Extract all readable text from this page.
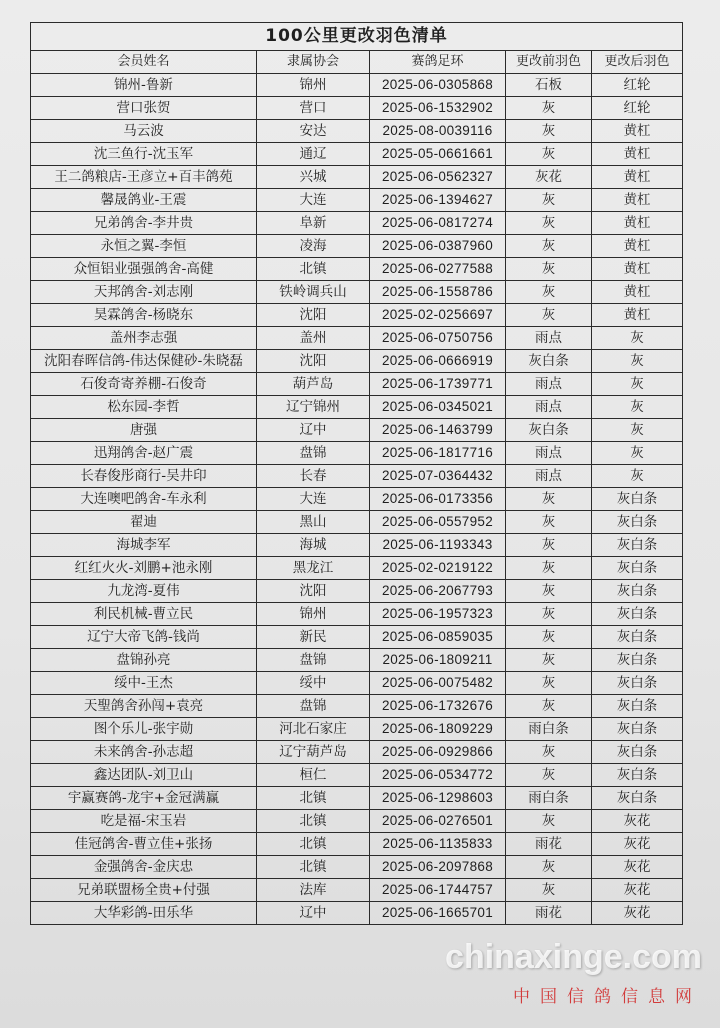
100公里更改羽色清单
会员姓名	隶属协会	赛鸽足环	更改前羽色	更改后羽色
锦州-鲁新	锦州	2025-06-0305868	石板	红轮
营口张贺	营口	2025-06-1532902	灰	红轮
马云波	安达	2025-08-0039116	灰	黄杠
沈三鱼行-沈玉军	通辽	2025-05-0661661	灰	黄杠
王二鸽粮店-王彦立+百丰鸽苑	兴城	2025-06-0562327	灰花	黄杠
馨晟鸽业-王震	大连	2025-06-1394627	灰	黄杠
兄弟鸽舍-李井贵	阜新	2025-06-0817274	灰	黄杠
永恒之翼-李恒	凌海	2025-06-0387960	灰	黄杠
众恒铝业强强鸽舍-高健	北镇	2025-06-0277588	灰	黄杠
天邦鸽舍-刘志刚	铁岭调兵山	2025-06-1558786	灰	黄杠
昊霖鸽舍-杨晓东	沈阳	2025-02-0256697	灰	黄杠
盖州李志强	盖州	2025-06-0750756	雨点	灰
沈阳春晖信鸽-伟达保健砂-朱晓磊	沈阳	2025-06-0666919	灰白条	灰
石俊奇寄养棚-石俊奇	葫芦岛	2025-06-1739771	雨点	灰
松东园-李哲	辽宁锦州	2025-06-0345021	雨点	灰
唐强	辽中	2025-06-1463799	灰白条	灰
迅翔鸽舍-赵广震	盘锦	2025-06-1817716	雨点	灰
长春俊彤商行-吴井印	长春	2025-07-0364432	雨点	灰
大连噢吧鸽舍-车永利	大连	2025-06-0173356	灰	灰白条
翟迪	黑山	2025-06-0557952	灰	灰白条
海城李军	海城	2025-06-1193343	灰	灰白条
红红火火-刘鹏+池永刚	黑龙江	2025-02-0219122	灰	灰白条
九龙湾-夏伟	沈阳	2025-06-2067793	灰	灰白条
利民机械-曹立民	锦州	2025-06-1957323	灰	灰白条
辽宁大帝飞鸽-钱尚	新民	2025-06-0859035	灰	灰白条
盘锦孙亮	盘锦	2025-06-1809211	灰	灰白条
绥中-王杰	绥中	2025-06-0075482	灰	灰白条
天聖鸽舍孙闯+袁亮	盘锦	2025-06-1732676	灰	灰白条
图个乐儿-张宇勋	河北石家庄	2025-06-1809229	雨白条	灰白条
未来鸽舍-孙志超	辽宁葫芦岛	2025-06-0929866	灰	灰白条
鑫达团队-刘卫山	桓仁	2025-06-0534772	灰	灰白条
宇赢赛鸽-龙宇+金冠满赢	北镇	2025-06-1298603	雨白条	灰白条
吃是福-宋玉岩	北镇	2025-06-0276501	灰	灰花
佳冠鸽舍-曹立佳+张扬	北镇	2025-06-1135833	雨花	灰花
金强鸽舍-金庆忠	北镇	2025-06-2097868	灰	灰花
兄弟联盟杨全贵+付强	法库	2025-06-1744757	灰	灰花
大华彩鸽-田乐华	辽中	2025-06-1665701	雨花	灰花
chinaxinge.com
中国信鸽信息网
